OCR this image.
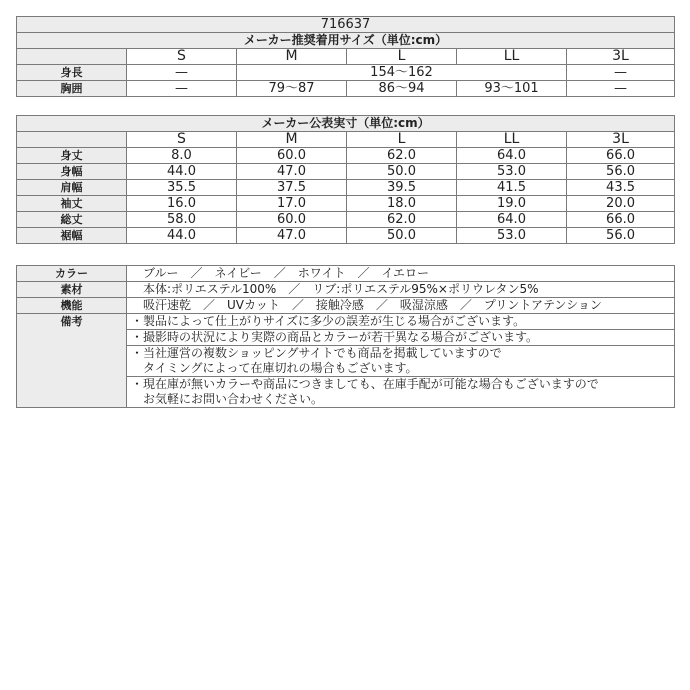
716637					
メーカー推奨着用サイズ（単位:cm）					
	S	M	L	LL	3L
身長	—	154～162			—
胸囲	—	79～87	86～94	93～101	—
メーカー公表実寸（単位:cm）					
	S	M	L	LL	3L
身丈	8.0	60.0	62.0	64.0	66.0
身幅	44.0	47.0	50.0	53.0	56.0
肩幅	35.5	37.5	39.5	41.5	43.5
袖丈	16.0	17.0	18.0	19.0	20.0
総丈	58.0	60.0	62.0	64.0	66.0
裾幅	44.0	47.0	50.0	53.0	56.0
カラー	ブルー　／　ネイビー　／　ホワイト　／　イエロー
素材	本体:ポリエステル100%　／　リブ:ポリエステル95%×ポリウレタン5%
機能	吸汗速乾　／　UVカット　／　接触冷感　／　吸湿涼感　／　プリントアテンション
備考	・製品によって仕上がりサイズに多少の誤差が生じる場合がございます。

	・撮影時の状況により実際の商品とカラーが若干異なる場合がございます。

	・当社運営の複数ショッピングサイトでも商品を掲載していますので
タイミングによって在庫切れの場合もございます。

	・現在庫が無いカラーや商品につきましても、在庫手配が可能な場合もございますので
お気軽にお問い合わせください。
